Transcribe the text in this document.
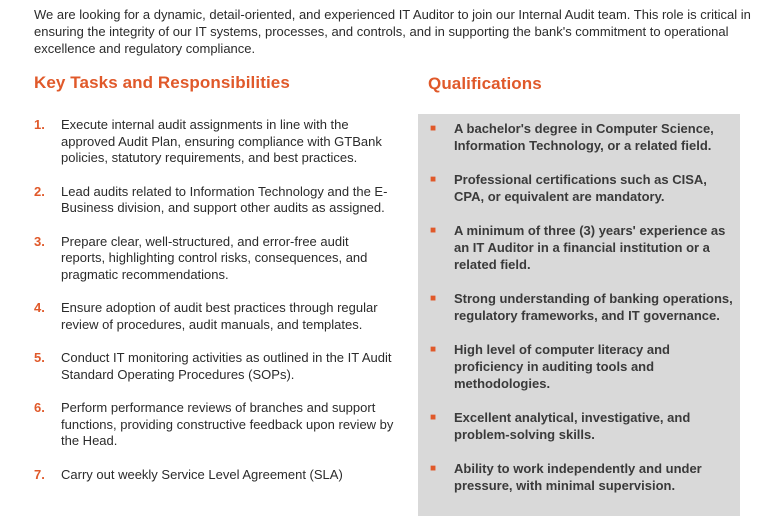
We are looking for a dynamic, detail-oriented, and experienced IT Auditor to join our Internal Audit team. This role is critical in ensuring the integrity of our IT systems, processes, and controls, and in supporting the bank's commitment to operational excellence and regulatory compliance.

Key Tasks and Responsibilities	Qualifications
1.	Execute internal audit assignments in line with the approved Audit Plan, ensuring compliance with GTBank policies, statutory requirements, and best practices.
2.	Lead audits related to Information Technology and the E-Business division, and support other audits as assigned.
3.	Prepare clear, well-structured, and error-free audit reports, highlighting control risks, consequences, and pragmatic recommendations.
4.	Ensure adoption of audit best practices through regular review of procedures, audit manuals, and templates.
5.	Conduct IT monitoring activities as outlined in the IT Audit Standard Operating Procedures (SOPs).
6.	Perform performance reviews of branches and support functions, providing constructive feedback upon review by the Head.
7.	Carry out weekly Service Level Agreement (SLA)
■	A bachelor's degree in Computer Science, Information Technology, or a related field.
■	Professional certifications such as CISA, CPA, or equivalent are mandatory.
■	A minimum of three (3) years' experience as an IT Auditor in a financial institution or a related field.
■	Strong understanding of banking operations, regulatory frameworks, and IT governance.
■	High level of computer literacy and proficiency in auditing tools and methodologies.
■	Excellent analytical, investigative, and problem-solving skills.
■	Ability to work independently and under pressure, with minimal supervision.
